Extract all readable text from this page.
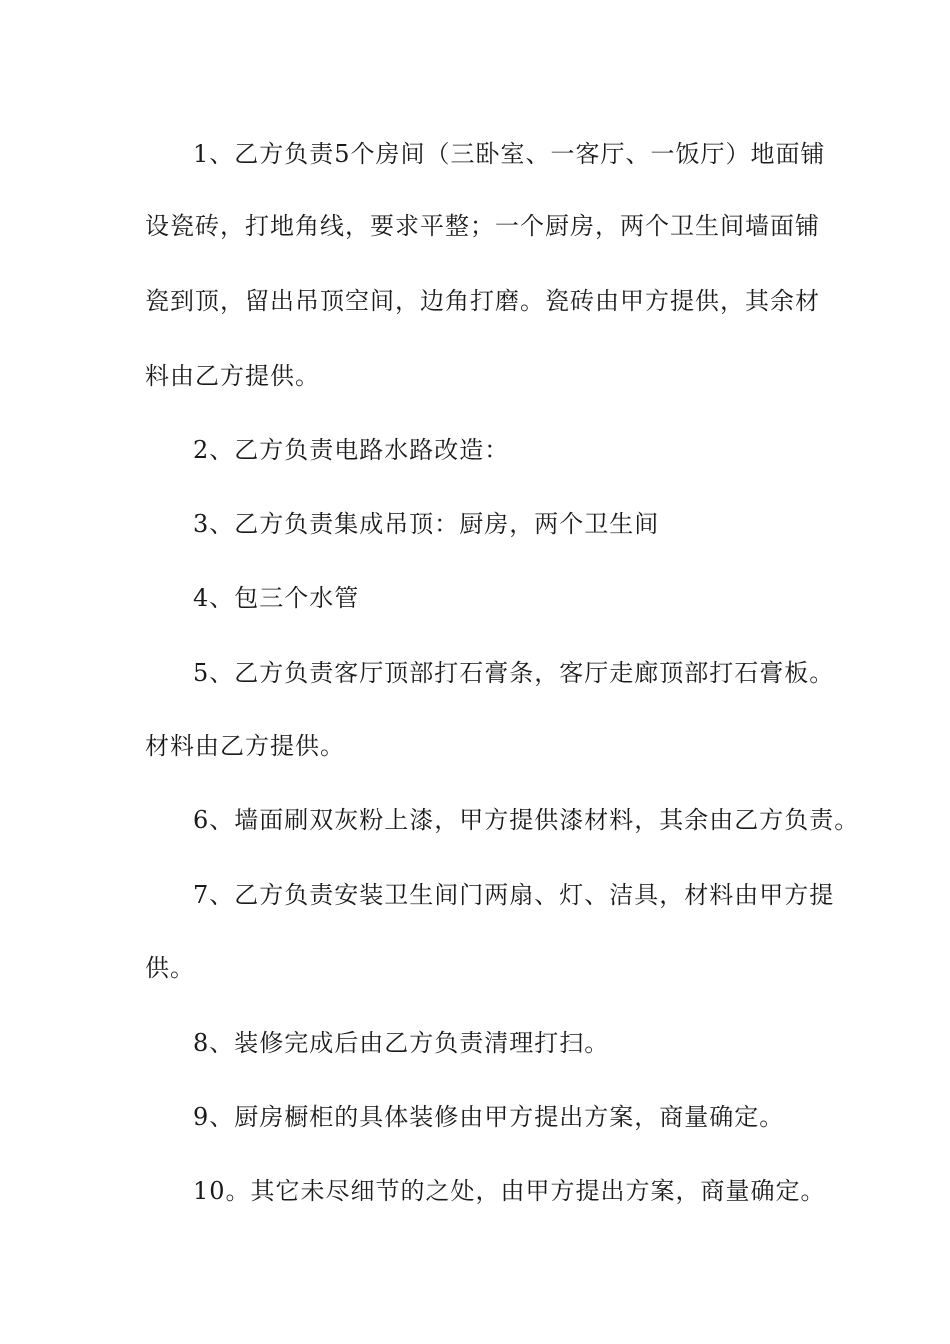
1、乙方负责5个房间（三卧室、一客厅、一饭厅）地面铺
设瓷砖，打地角线，要求平整；一个厨房，两个卫生间墙面铺
瓷到顶，留出吊顶空间，边角打磨。瓷砖由甲方提供，其余材
料由乙方提供。
2、乙方负责电路水路改造：
3、乙方负责集成吊顶：厨房，两个卫生间
4、包三个水管
5、乙方负责客厅顶部打石膏条，客厅走廊顶部打石膏板。
材料由乙方提供。
6、墙面刷双灰粉上漆，甲方提供漆材料，其余由乙方负责。
7、乙方负责安装卫生间门两扇、灯、洁具，材料由甲方提
供。
8、装修完成后由乙方负责清理打扫。
9、厨房橱柜的具体装修由甲方提出方案，商量确定。
10。其它未尽细节的之处，由甲方提出方案，商量确定。
